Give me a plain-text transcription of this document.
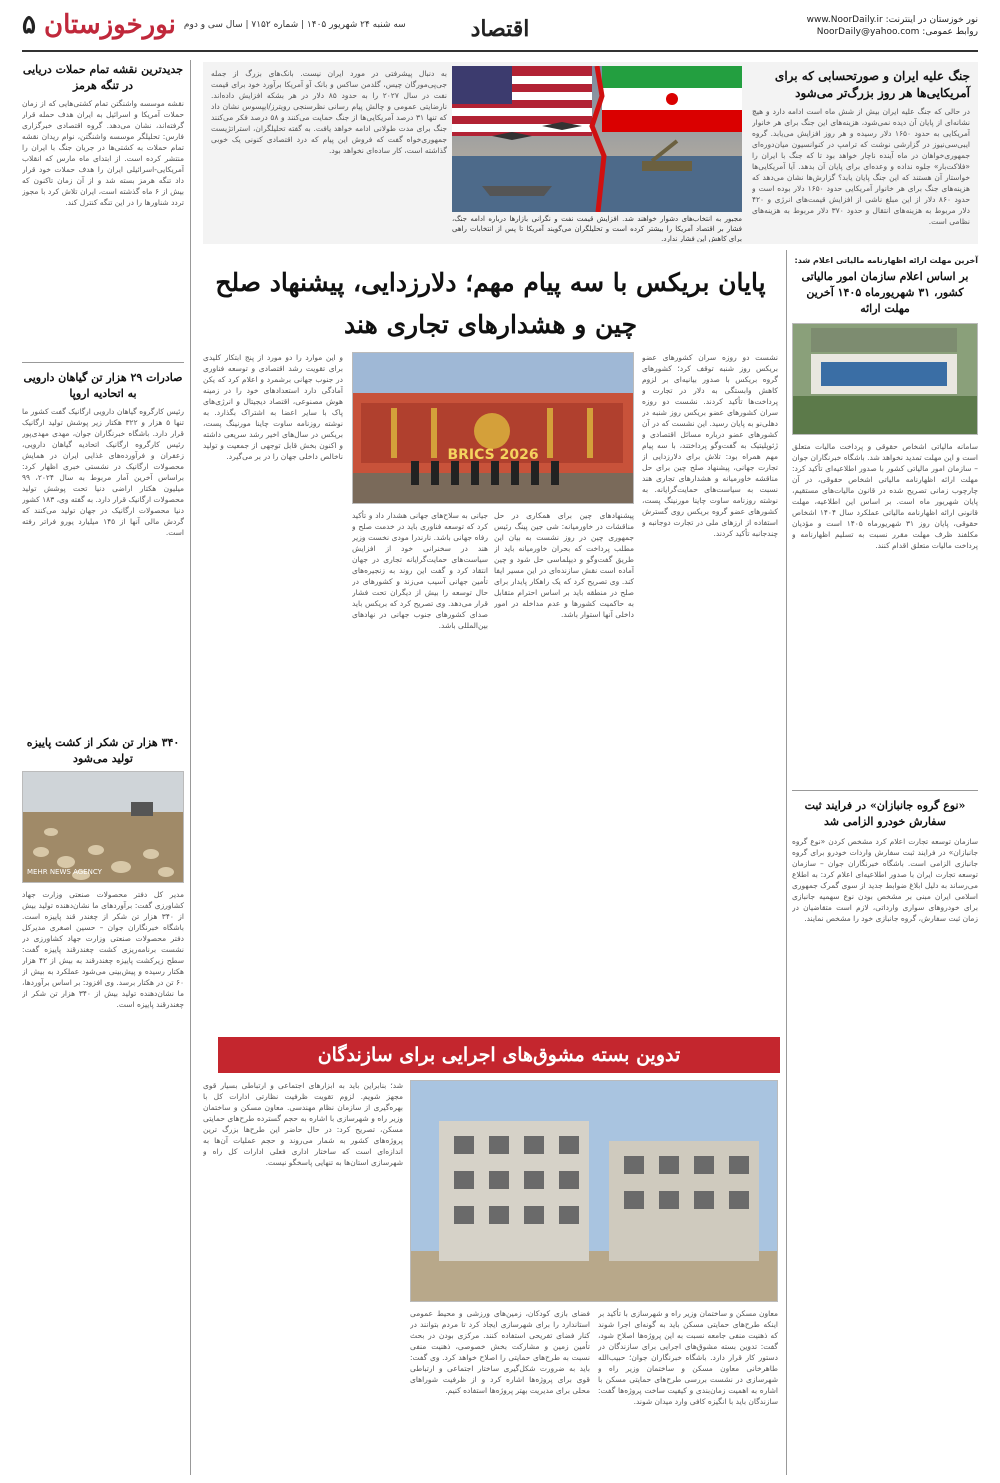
نور خوزستان در اینترنت: www.NoorDaily.ir
روابط عمومی: NoorDaily@yahoo.com
اقتصاد
سه شنبه ۲۴ شهریور ۱۴۰۵ | شماره ۷۱۵۲ | سال سی و دوم
نورخوزستان
۵
جنگ علیه ایران و صورتحسابی که برای آمریکایی‌ها هر روز بزرگ‌تر می‌شود
در حالی که جنگ علیه ایران بیش از شش ماه است ادامه دارد و هیچ نشانه‌ای از پایان آن دیده نمی‌شود، هزینه‌های این جنگ برای هر خانوار آمریکایی به حدود ۱۶۵۰ دلار رسیده و هر روز افزایش می‌یابد. گروه ایبی‌سی‌نیوز در گزارشی نوشت که ترامپ در کنوانسیون میان‌دوره‌ای جمهوری‌خواهان در ماه آینده ناچار خواهد بود تا که جنگ با ایران را «فلاکت‌بار» جلوه نداده و وعده‌ای برای پایان آن بدهد. آیا آمریکایی‌ها خواستار آن هستند که این جنگ پایان یابد؟ گزارش‌ها نشان می‌دهد که هزینه‌های جنگ برای هر خانوار آمریکایی حدود ۱۶۵۰ دلار بوده است و حدود ۸۶۰ دلار از این مبلغ ناشی از افزایش قیمت‌های انرژی و ۴۲۰ دلار مربوط به هزینه‌های انتقال و حدود ۳۷۰ دلار مربوط به هزینه‌های نظامی است.
مجبور به انتخاب‌های دشوار خواهند شد. افزایش قیمت نفت و نگرانی بازارها درباره ادامه جنگ، فشار بر اقتصاد آمریکا را بیشتر کرده است و تحلیلگران می‌گویند آمریکا تا پس از انتخابات راهی برای کاهش این فشار ندارد.
به دنبال پیشرفتی در مورد ایران نیست. بانک‌های بزرگ از جمله جی‌پی‌مورگان چیس، گلدمن ساکس و بانک آو آمریکا برآورد خود برای قیمت نفت در سال ۲۰۲۷ را به حدود ۸۵ دلار در هر بشکه افزایش داده‌اند. نارضایتی عمومی و چالش پیام رسانی نظرسنجی رویترز/ایپسوس نشان داد که تنها ۳۱ درصد آمریکایی‌ها از جنگ حمایت می‌کنند و ۵۸ درصد فکر می‌کنند جنگ برای مدت طولانی ادامه خواهد یافت. به گفته تحلیلگران، استراتژیست جمهوری‌خواه گفت که فروش این پیام که درد اقتصادی کنونی یک خوبی گذاشته است، کار ساده‌ای نخواهد بود.
جدیدترین نقشه تمام حملات دریایی در تنگه هرمز
نقشه موسسه واشنگتن تمام کشتی‌هایی که از زمان حملات آمریکا و اسرائیل به ایران هدف حمله قرار گرفته‌اند، نشان می‌دهد. گروه اقتصادی خبرگزاری فارس: تحلیلگر موسسه واشنگتن، نوام ریدان نقشه تمام حملات به کشتی‌ها در جریان جنگ با ایران را منتشر کرده است. از ابتدای ماه مارس که انقلاب آمریکایی-اسرائیلی ایران را هدف حملات خود قرار داد تنگه هرمز بسته شد و از آن زمان تاکنون که بیش از ۶ ماه گذشته است، ایران تلاش کرد با مجوز تردد شناورها را در این تنگه کنترل کند.
صادرات ۲۹ هزار تن گیاهان دارویی به اتحادیه اروپا
رئیس کارگروه گیاهان دارویی ارگانیک گفت کشور ما تنها ۵ هزار و ۳۲۲ هکتار زیر پوشش تولید ارگانیک قرار دارد. باشگاه خبرنگاران جوان، مهدی مهدی‌پور رئیس کارگروه ارگانیک اتحادیه گیاهان دارویی، زعفران و فرآورده‌های غذایی ایران در همایش محصولات ارگانیک در نشستی خبری اظهار کرد: براساس آخرین آمار مربوط به سال ۲۰۲۴، ۹۹ میلیون هکتار اراضی دنیا تحت پوشش تولید محصولات ارگانیک قرار دارد. به گفته وی، ۱۸۳ کشور دنیا محصولات ارگانیک در جهان تولید می‌کنند که گردش مالی آنها از ۱۴۵ میلیارد یورو فراتر رفته است.
۳۴۰ هزار تن شکر از کشت پاییزه تولید می‌شود
MEHR NEWS AGENCY
مدیر کل دفتر محصولات صنعتی وزارت جهاد کشاورزی گفت: برآوردهای ما نشان‌دهنده تولید بیش از ۳۴۰ هزار تن شکر از چغندر قند پاییزه است. باشگاه خبرنگاران جوان – حسین اصغری مدیرکل دفتر محصولات صنعتی وزارت جهاد کشاورزی در نشست برنامه‌ریزی کشت چغندرقند پاییزه گفت: سطح زیرکشت پاییزه چغندرقند به بیش از ۴۲ هزار هکتار رسیده و پیش‌بینی می‌شود عملکرد به بیش از ۶۰ تن در هکتار برسد. وی افزود: بر اساس برآوردها، ما نشان‌دهنده تولید بیش از ۳۴۰ هزار تن شکر از چغندرقند پاییزه است.
آخرین مهلت ارائه اظهارنامه مالیاتی اعلام شد:
بر اساس اعلام سازمان امور مالیاتی کشور، ۳۱ شهریورماه ۱۴۰۵ آخرین مهلت ارائه
سامانه مالیاتی اشخاص حقوقی و پرداخت مالیات متعلق است و این مهلت تمدید نخواهد شد. باشگاه خبرنگاران جوان – سازمان امور مالیاتی کشور با صدور اطلاعیه‌ای تأکید کرد: مهلت ارائه اظهارنامه مالیاتی اشخاص حقوقی، در آن چارچوب زمانی تصریح شده در قانون مالیات‌های مستقیم، پایان شهریور ماه است. بر اساس این اطلاعیه، مهلت قانونی ارائه اظهارنامه مالیاتی عملکرد سال ۱۴۰۴ اشخاص حقوقی، پایان روز ۳۱ شهریورماه ۱۴۰۵ است و مؤدیان مکلفند ظرف مهلت مقرر نسبت به تسلیم اظهارنامه و پرداخت مالیات متعلق اقدام کنند.
«نوع گروه جانبازان» در فرایند ثبت سفارش خودرو الزامی شد
سازمان توسعه تجارت اعلام کرد مشخص کردن «نوع گروه جانبازان» در فرایند ثبت سفارش واردات خودرو برای گروه جانبازی الزامی است. باشگاه خبرنگاران جوان – سازمان توسعه تجارت ایران با صدور اطلاعیه‌ای اعلام کرد: به اطلاع می‌رساند به دلیل ابلاغ ضوابط جدید از سوی گمرک جمهوری اسلامی ایران مبنی بر مشخص بودن نوع سهمیه جانبازی برای خودروهای سواری وارداتی، لازم است متقاضیان در زمان ثبت سفارش، گروه جانبازی خود را مشخص نمایند.
پایان بریکس با سه پیام مهم؛ دلارزدایی، پیشنهاد صلح چین و هشدارهای تجاری هند
نشست دو روزه سران کشورهای عضو بریکس روز شنبه توقف کرد؛ کشورهای گروه بریکس با صدور بیانیه‌ای بر لزوم کاهش وابستگی به دلار در تجارت و پرداخت‌ها تأکید کردند. نشست دو روزه سران کشورهای عضو بریکس روز شنبه در دهلی‌نو به پایان رسید. این نشست که در آن کشورهای عضو درباره مسائل اقتصادی و ژئوپلیتیک به گفت‌وگو پرداختند، با سه پیام مهم همراه بود: تلاش برای دلارزدایی از تجارت جهانی، پیشنهاد صلح چین برای حل مناقشه خاورمیانه و هشدارهای تجاری هند نسبت به سیاست‌های حمایت‌گرایانه. به نوشته روزنامه ساوت چاینا مورنینگ پست، کشورهای عضو گروه بریکس روی گسترش استفاده از ارزهای ملی در تجارت دوجانبه و چندجانبه تأکید کردند.
و این موارد را دو مورد از پنج ابتکار کلیدی برای تقویت رشد اقتصادی و توسعه فناوری در جنوب جهانی برشمرد و اعلام کرد که یکن آمادگی دارد استعدادهای خود را در زمینه هوش مصنوعی، اقتصاد دیجیتال و انرژی‌های پاک با سایر اعضا به اشتراک بگذارد. به نوشته روزنامه ساوت چاینا مورنینگ پست، بریکس در سال‌های اخیر رشد سریعی داشته و اکنون بخش قابل توجهی از جمعیت و تولید ناخالص داخلی جهان را در بر می‌گیرد.	BRICS 2026
پیشنهادهای چین برای همکاری در حل مناقشات در خاورمیانه: شی جین پینگ رئیس جمهوری چین در روز نشست به بیان این مطلب پرداخت که بحران خاورمیانه باید از طریق گفت‌وگو و دیپلماسی حل شود و چین آماده است نقش سازنده‌ای در این مسیر ایفا کند. وی تصریح کرد که یک راهکار پایدار برای صلح در منطقه باید بر اساس احترام متقابل به حاکمیت کشورها و عدم مداخله در امور داخلی آنها استوار باشد.
جیانی به سلاح‌های جهانی هشدار داد و تأکید کرد که توسعه فناوری باید در خدمت صلح و رفاه جهانی باشد. نارندرا مودی نخست وزیر هند در سخنرانی خود از افزایش سیاست‌های حمایت‌گرایانه تجاری در جهان انتقاد کرد و گفت این روند به زنجیره‌های تأمین جهانی آسیب می‌زند و کشورهای در حال توسعه را بیش از دیگران تحت فشار قرار می‌دهد. وی تصریح کرد که بریکس باید صدای کشورهای جنوب جهانی در نهادهای بین‌المللی باشد.
تدوین بسته مشوق‌های اجرایی برای سازندگان
شد؛ بنابراین باید به ابزارهای اجتماعی و ارتباطی بسیار قوی مجهز شویم. لزوم تقویت ظرفیت نظارتی ادارات کل با بهره‌گیری از سازمان نظام مهندسی. معاون مسکن و ساختمان وزیر راه و شهرسازی با اشاره به حجم گسترده طرح‌های حمایتی مسکن، تصریح کرد: در حال حاضر این طرح‌ها بزرگ ترین پروژه‌های کشور به شمار می‌روند و حجم عملیات آن‌ها به اندازه‌ای است که ساختار اداری فعلی ادارات کل راه و شهرسازی استان‌ها به تنهایی پاسخگو نیست.
فضای بازی کودکان، زمین‌های ورزشی و محیط عمومی استاندارد را برای شهرسازی ایجاد کرد تا مردم بتوانند در کنار فضای تفریحی استفاده کنند. مرکزی بودن در بحث تأمین زمین و مشارکت بخش خصوصی، ذهنیت منفی نسبت به طرح‌های حمایتی را اصلاح خواهد کرد. وی گفت: باید به ضرورت شکل‌گیری ساختار اجتماعی و ارتباطی قوی برای پروژه‌ها اشاره کرد و از ظرفیت شوراهای محلی برای مدیریت بهتر پروژه‌ها استفاده کنیم.
معاون مسکن و ساختمان وزیر راه و شهرسازی با تأکید بر اینکه طرح‌های حمایتی مسکن باید به گونه‌ای اجرا شوند که ذهنیت منفی جامعه نسبت به این پروژه‌ها اصلاح شود، گفت: تدوین بسته مشوق‌های اجرایی برای سازندگان در دستور کار قرار دارد. باشگاه خبرنگاران جوان؛ حبیب‌الله طاهرخانی معاون مسکن و ساختمان وزیر راه و شهرسازی در نشست بررسی طرح‌های حمایتی مسکن با اشاره به اهمیت زمان‌بندی و کیفیت ساخت پروژه‌ها گفت: سازندگان باید با انگیزه کافی وارد میدان شوند.
